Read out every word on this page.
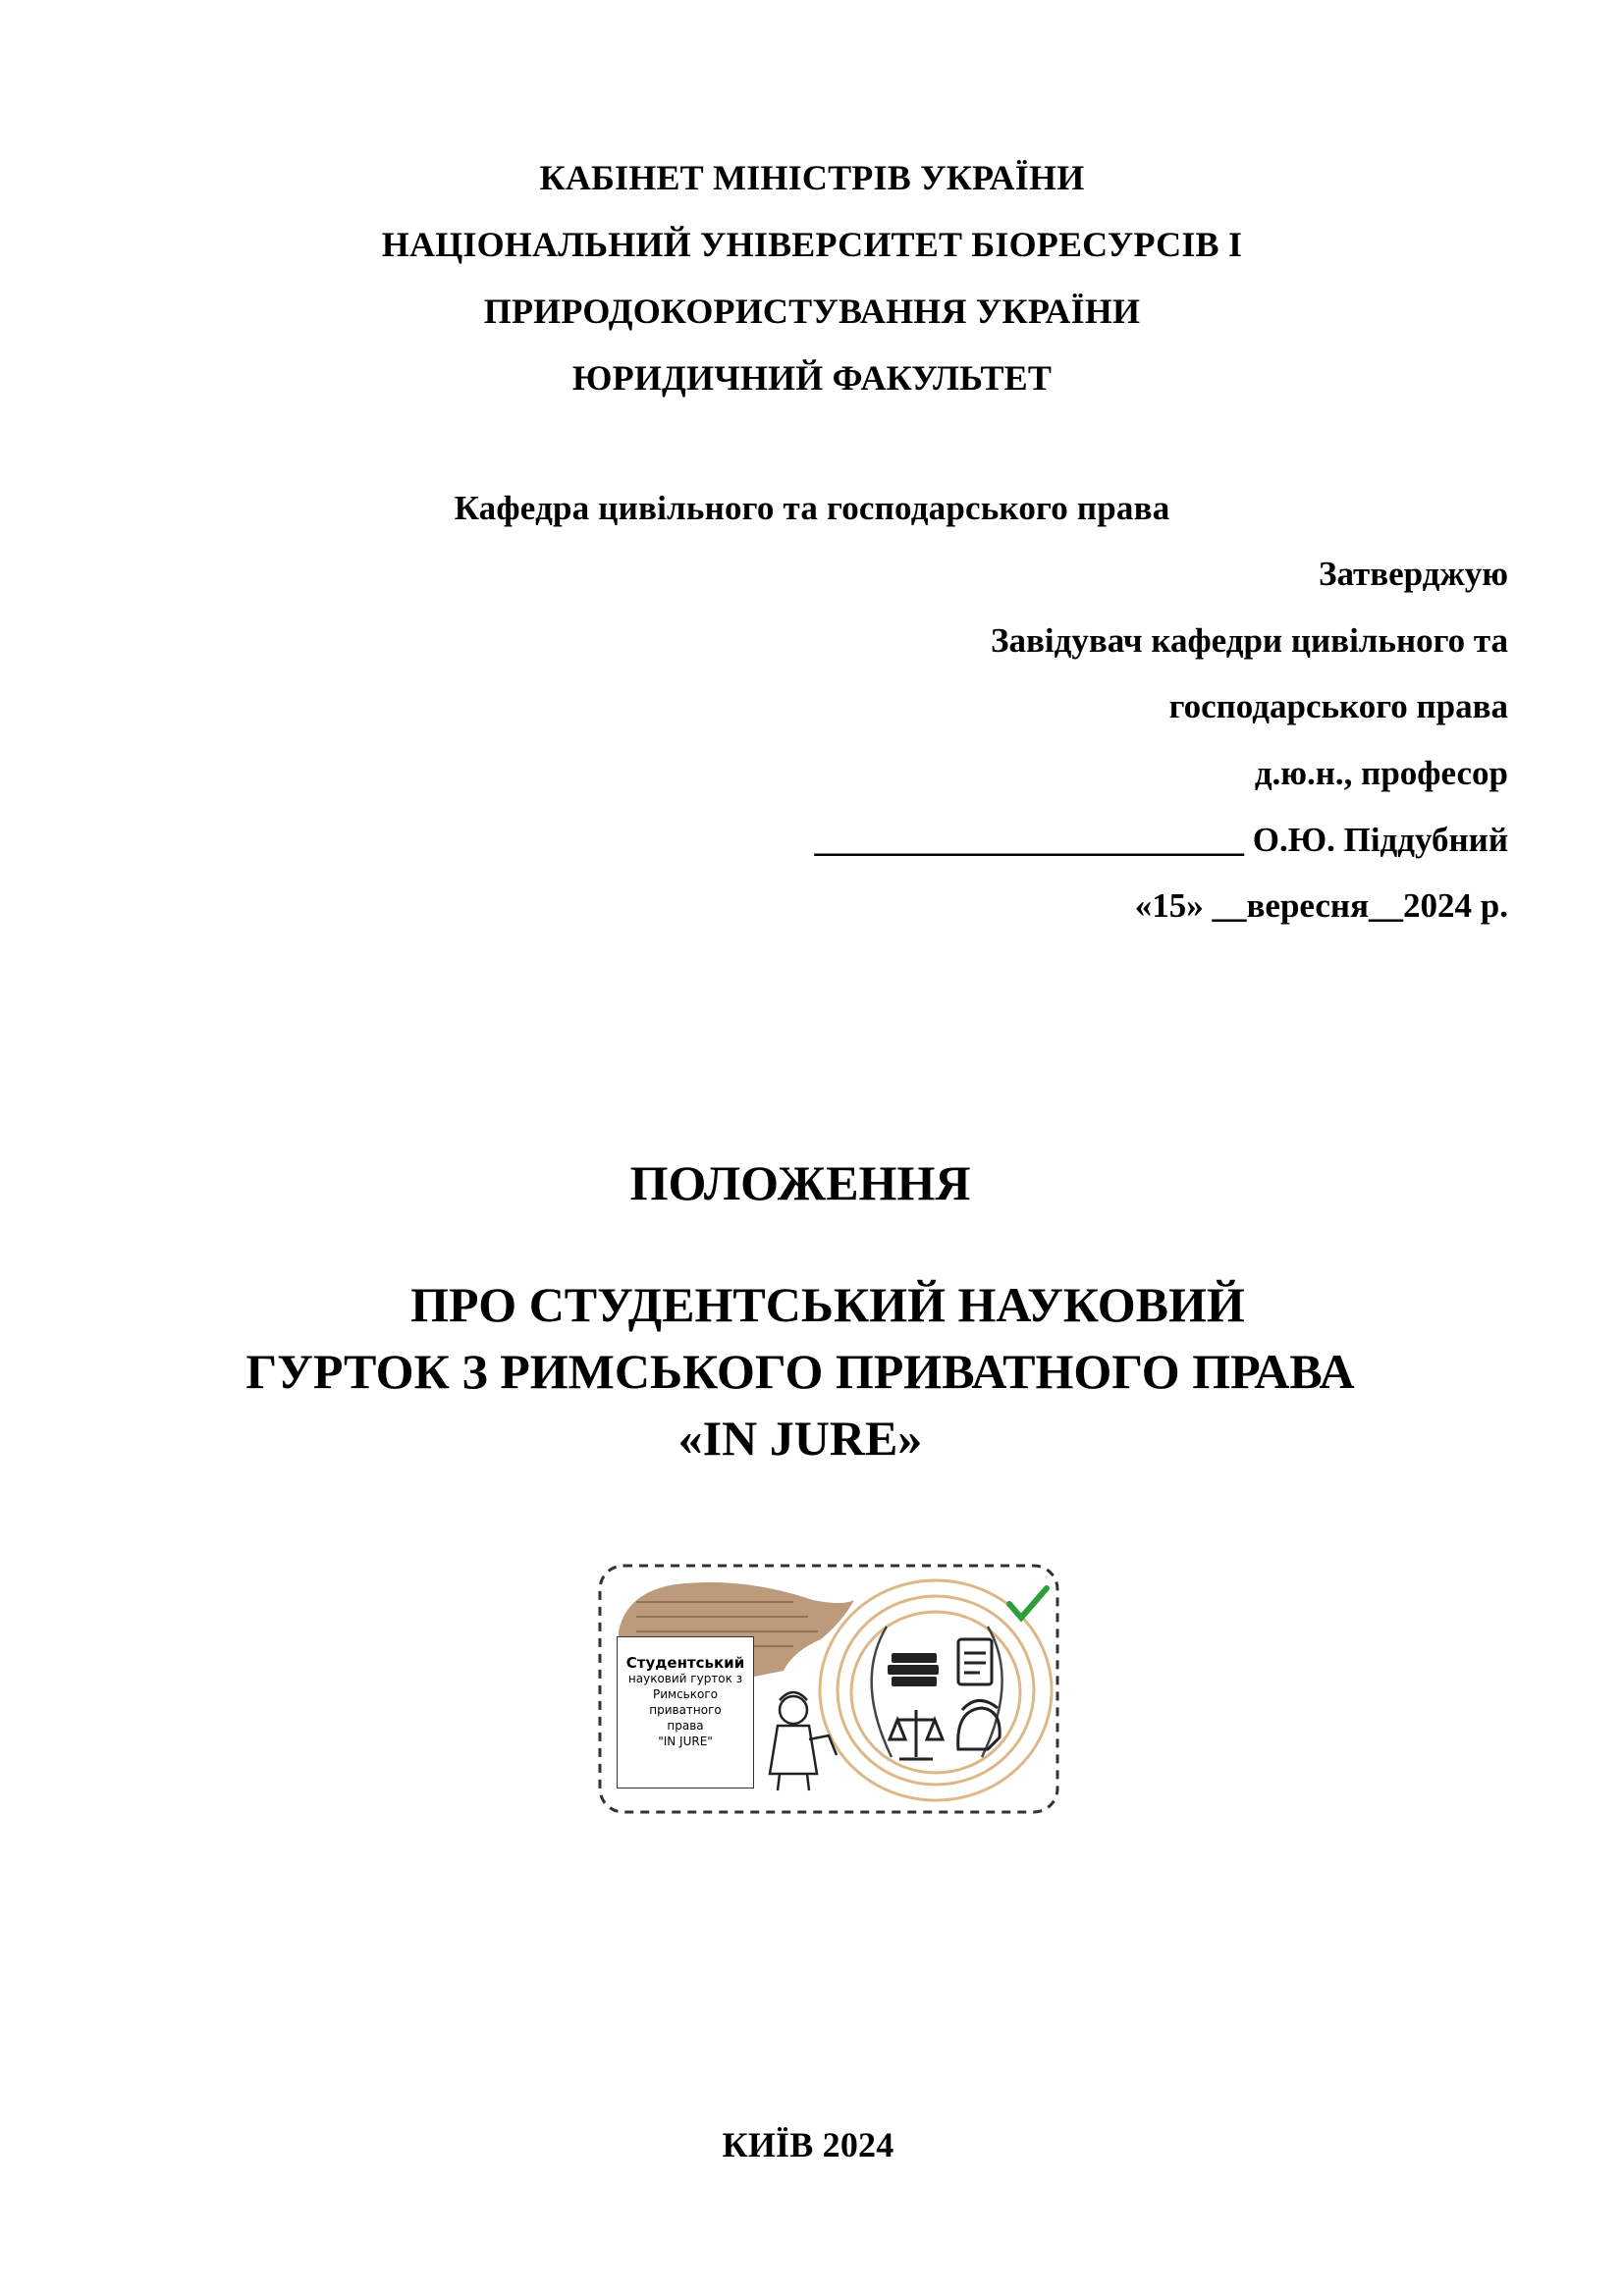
КАБІНЕТ МІНІСТРІВ УКРАЇНИ
НАЦІОНАЛЬНИЙ УНІВЕРСИТЕТ БІОРЕСУРСІВ І
ПРИРОДОКОРИСТУВАННЯ УКРАЇНИ
ЮРИДИЧНИЙ ФАКУЛЬТЕТ
Кафедра цивільного та господарського права
Затверджую
Завідувач кафедри цивільного та
господарського права
д.ю.н., професор
_________________________ О.Ю. Піддубний
«15» __вересня__2024 р.
ПОЛОЖЕННЯ
ПРО СТУДЕНТСЬКИЙ НАУКОВИЙ
ГУРТОК З РИМСЬКОГО ПРИВАТНОГО ПРАВА
«IN JURE»
Студентський
науковий гурток з
Римського
приватного
права
"IN JURE"
КИЇВ 2024
